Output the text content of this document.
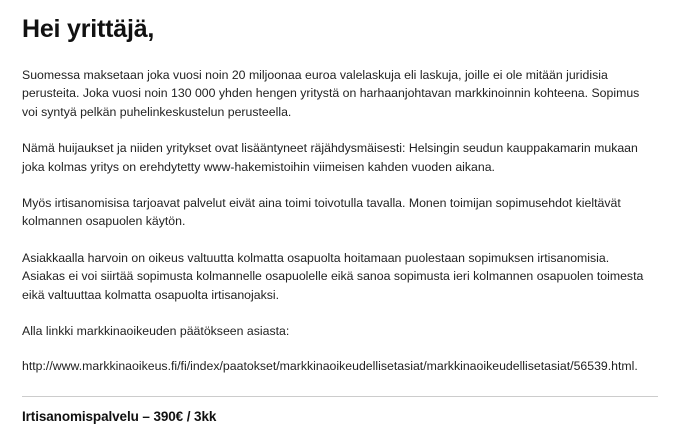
Hei yrittäjä,

Suomessa maksetaan joka vuosi noin 20 miljoonaa euroa valelaskuja eli laskuja, joille ei ole mitään juridisia perusteita. Joka vuosi noin 130 000 yhden hengen yritystä on harhaanjohtavan markkinoinnin kohteena. Sopimus voi syntyä pelkän puhelinkeskustelun perusteella.

Nämä huijaukset ja niiden yritykset ovat lisääntyneet räjähdysmäisesti: Helsingin seudun kauppakamarin mukaan joka kolmas yritys on erehdytetty www-hakemistoihin viimeisen kahden vuoden aikana.

Myös irtisanomisisa tarjoavat palvelut eivät aina toimi toivotulla tavalla. Monen toimijan sopimusehdot kieltävät kolmannen osapuolen käytön.

Asiakkaalla harvoin on oikeus valtuutta kolmatta osapuolta hoitamaan puolestaan sopimuksen irtisanomisia. Asiakas ei voi siirtää sopimusta kolmannelle osapuolelle eikä sanoa sopimusta ieri kolmannen osapuolen toimesta eikä valtuuttaa kolmatta osapuolta irtisanojaksi.

Alla linkki markkinaoikeuden päätökseen asiasta:

http://www.markkinaoikeus.fi/fi/index/paatokset/markkinaoikeudellisetasiat/markkinaoikeudellisetasiat/56539.html.

Irtisanomispalvelu – 390€ / 3kk
